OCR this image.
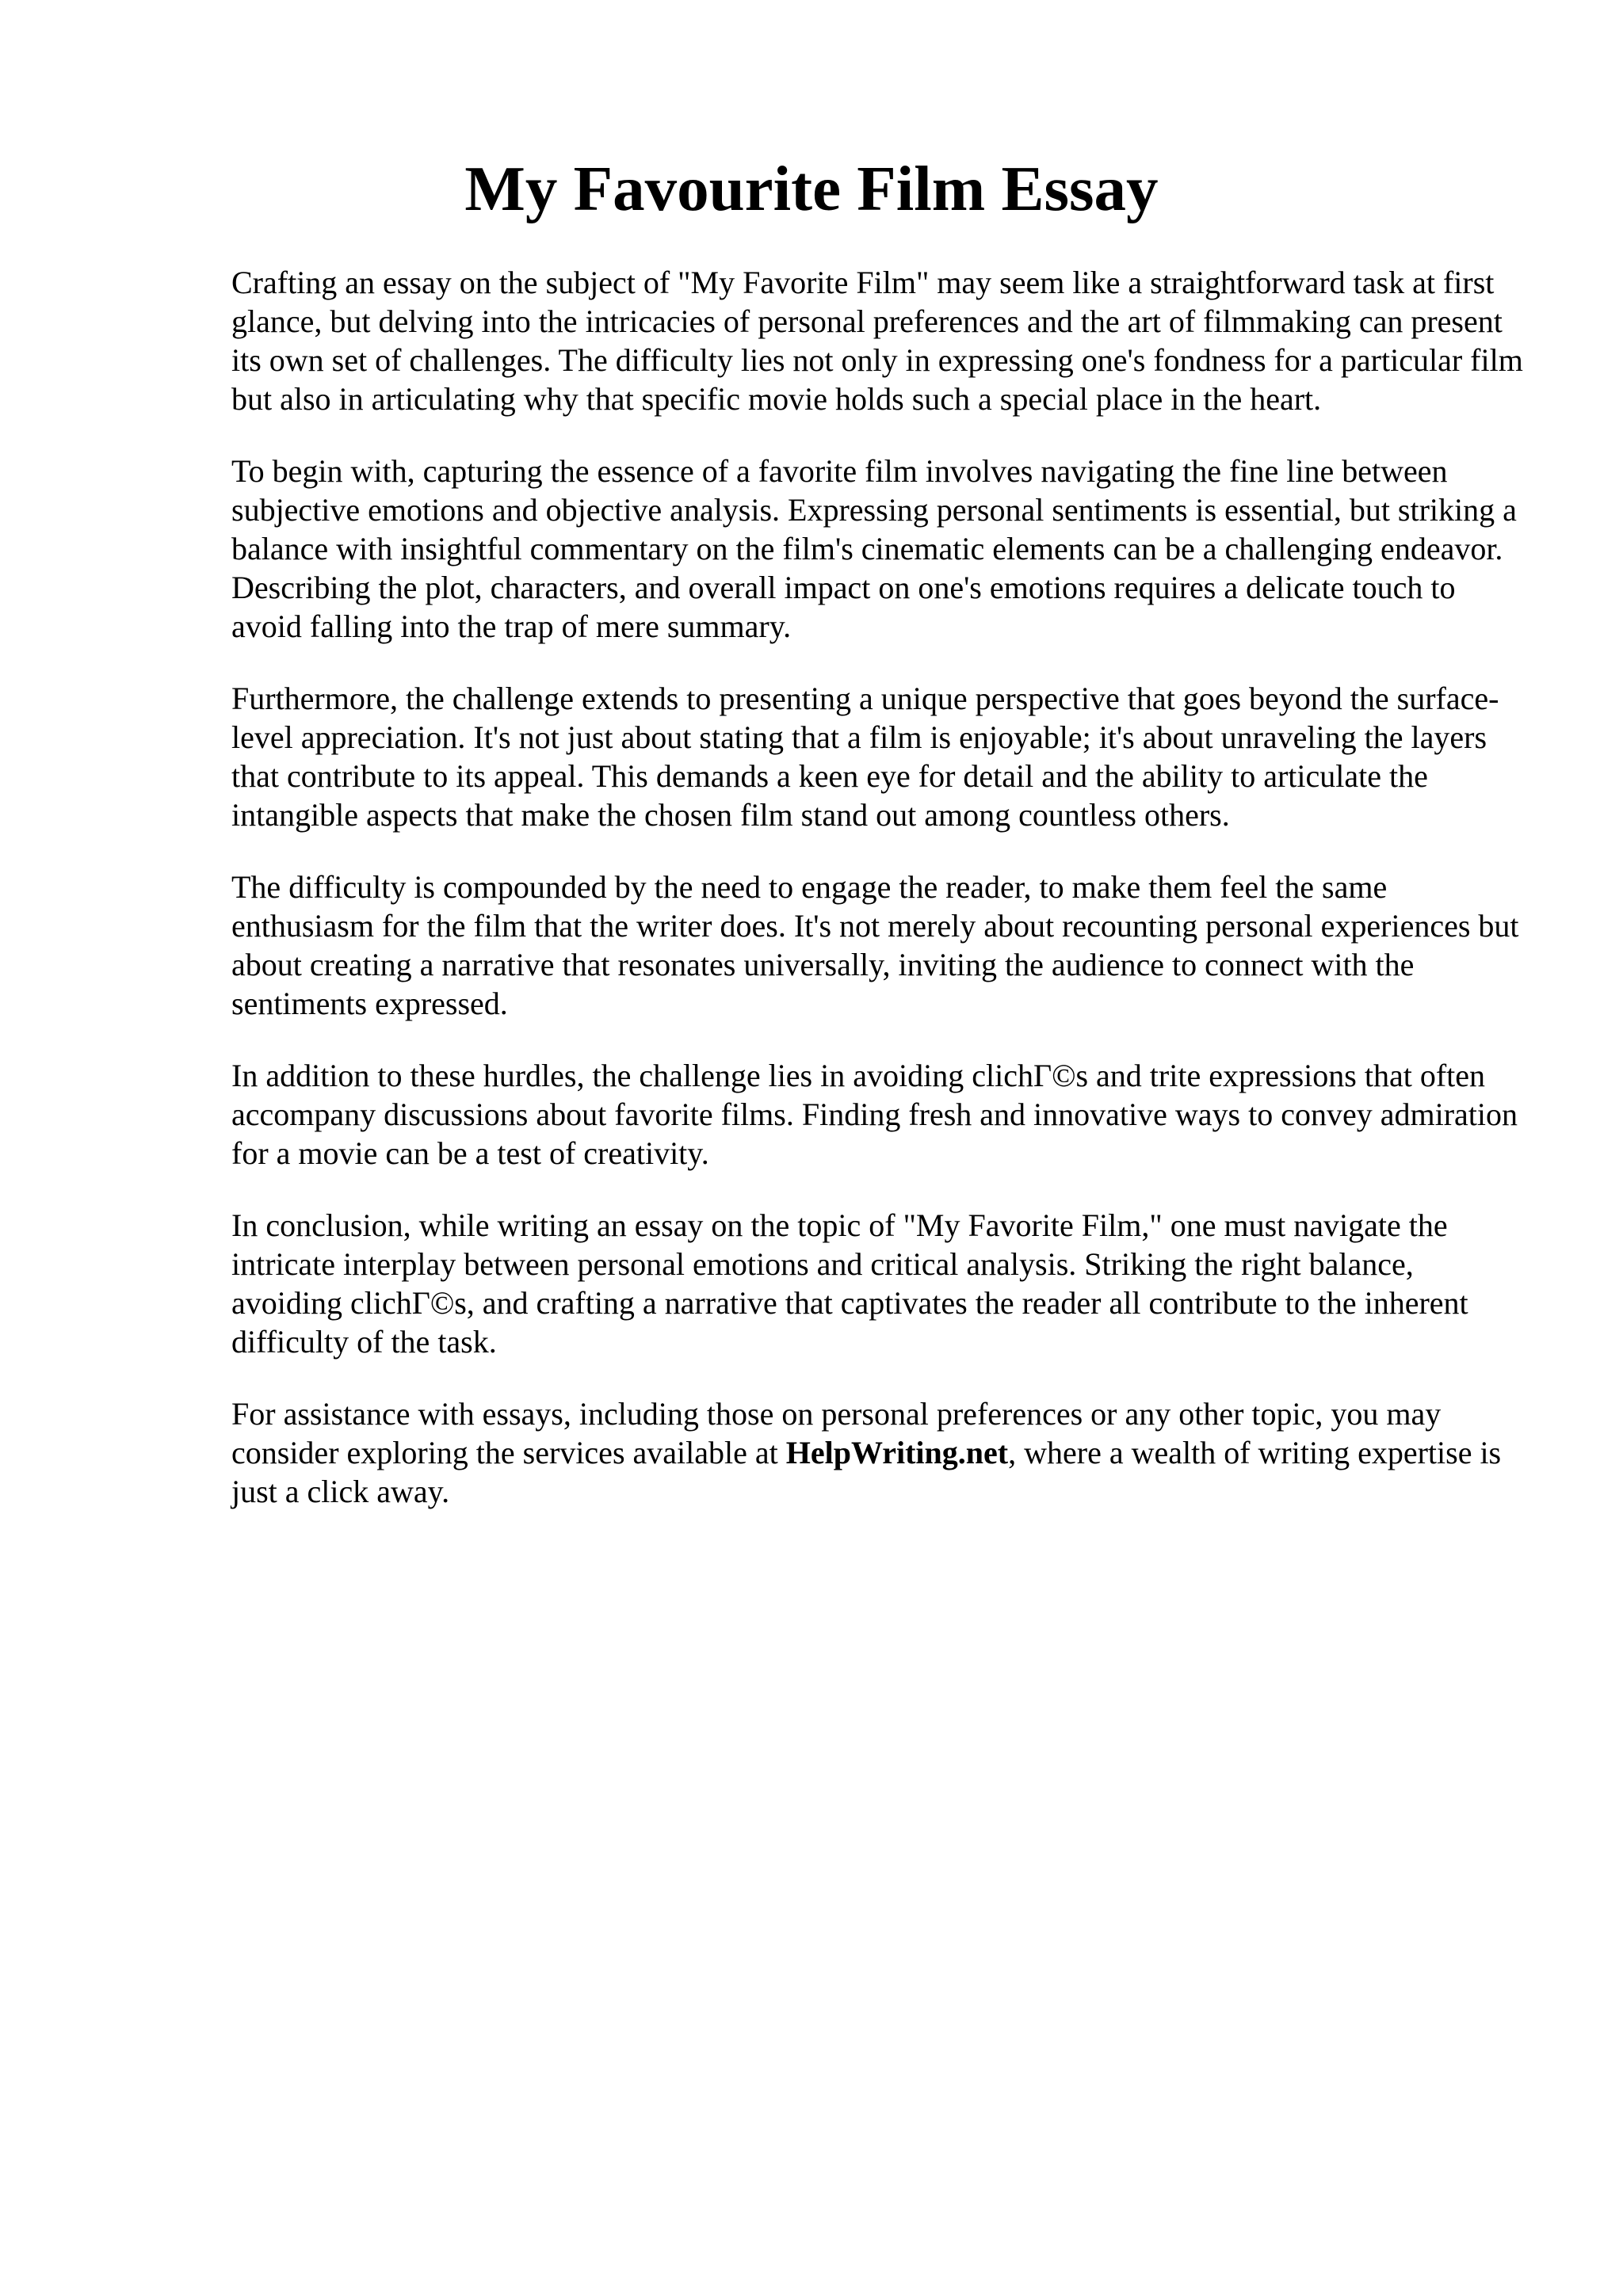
My Favourite Film Essay

Crafting an essay on the subject of "My Favorite Film" may seem like a straightforward task at first glance, but delving into the intricacies of personal preferences and the art of filmmaking can present its own set of challenges. The difficulty lies not only in expressing one's fondness for a particular film but also in articulating why that specific movie holds such a special place in the heart.

To begin with, capturing the essence of a favorite film involves navigating the fine line between subjective emotions and objective analysis. Expressing personal sentiments is essential, but striking a balance with insightful commentary on the film's cinematic elements can be a challenging endeavor. Describing the plot, characters, and overall impact on one's emotions requires a delicate touch to avoid falling into the trap of mere summary.

Furthermore, the challenge extends to presenting a unique perspective that goes beyond the surface-level appreciation. It's not just about stating that a film is enjoyable; it's about unraveling the layers that contribute to its appeal. This demands a keen eye for detail and the ability to articulate the intangible aspects that make the chosen film stand out among countless others.

The difficulty is compounded by the need to engage the reader, to make them feel the same enthusiasm for the film that the writer does. It's not merely about recounting personal experiences but about creating a narrative that resonates universally, inviting the audience to connect with the sentiments expressed.

In addition to these hurdles, the challenge lies in avoiding clichГ©s and trite expressions that often accompany discussions about favorite films. Finding fresh and innovative ways to convey admiration for a movie can be a test of creativity.

In conclusion, while writing an essay on the topic of "My Favorite Film," one must navigate the intricate interplay between personal emotions and critical analysis. Striking the right balance, avoiding clichГ©s, and crafting a narrative that captivates the reader all contribute to the inherent difficulty of the task.

For assistance with essays, including those on personal preferences or any other topic, you may consider exploring the services available at HelpWriting.net, where a wealth of writing expertise is just a click away.
